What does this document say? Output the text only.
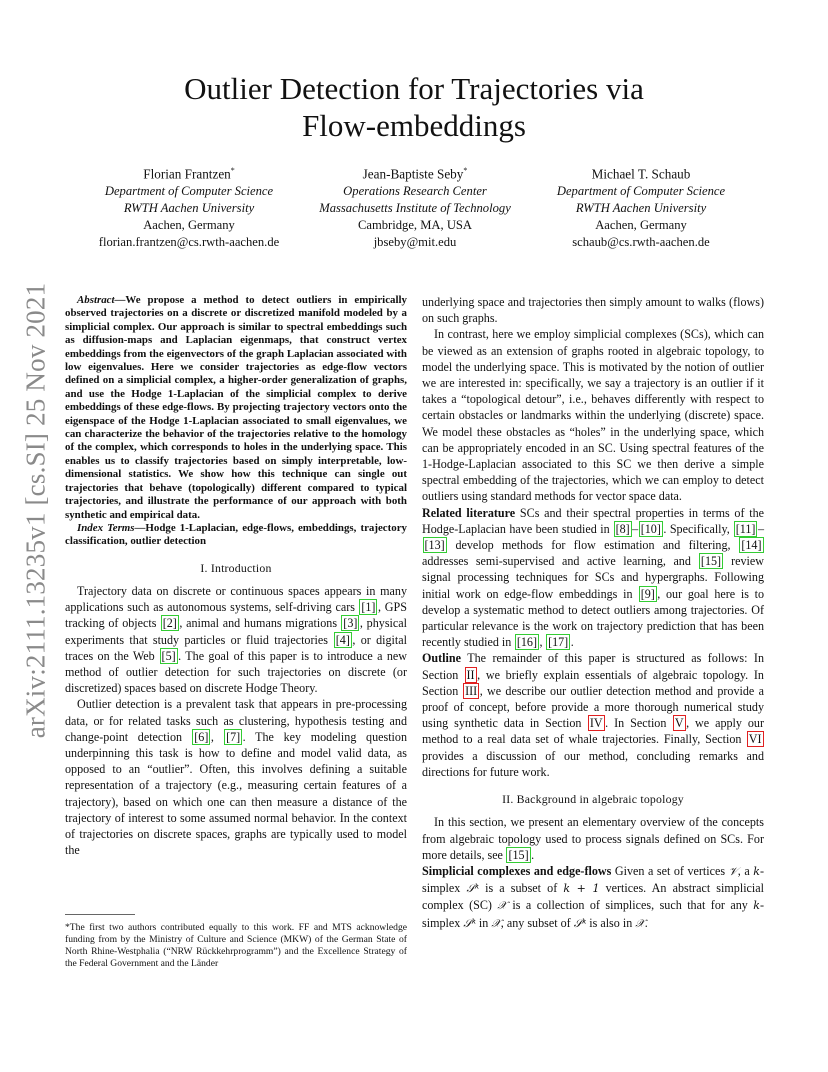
arXiv:2111.13235v1 [cs.SI] 25 Nov 2021
Outlier Detection for Trajectories via
Flow-embeddings
Florian Frantzen*
Department of Computer Science
RWTH Aachen University
Aachen, Germany
florian.frantzen@cs.rwth-aachen.de
Jean-Baptiste Seby*
Operations Research Center
Massachusetts Institute of Technology
Cambridge, MA, USA
jbseby@mit.edu
Michael T. Schaub
Department of Computer Science
RWTH Aachen University
Aachen, Germany
schaub@cs.rwth-aachen.de

Abstract—We propose a method to detect outliers in empirically observed trajectories on a discrete or discretized manifold modeled by a simplicial complex. Our approach is similar to spectral embeddings such as diffusion-maps and Laplacian eigenmaps, that construct vertex embeddings from the eigenvectors of the graph Laplacian associated with low eigenvalues. Here we consider trajectories as edge-flow vectors defined on a simplicial complex, a higher-order generalization of graphs, and use the Hodge 1-Laplacian of the simplicial complex to derive embeddings of these edge-flows. By projecting trajectory vectors onto the eigenspace of the Hodge 1-Laplacian associated to small eigenvalues, we can characterize the behavior of the trajectories relative to the homology of the complex, which corresponds to holes in the underlying space. This enables us to classify trajectories based on simply interpretable, low-dimensional statistics. We show how this technique can single out trajectories that behave (topologically) different compared to typical trajectories, and illustrate the performance of our approach with both synthetic and empirical data.

Index Terms—Hodge 1-Laplacian, edge-flows, embeddings, trajectory classification, outlier detection

I. Introduction

Trajectory data on discrete or continuous spaces appears in many applications such as autonomous systems, self-driving cars [1] , GPS tracking of objects [2] , animal and humans migrations [3] , physical experiments that study particles or fluid trajectories [4] , or digital traces on the Web [5] . The goal of this paper is to introduce a new method of outlier detection for such trajectories on discrete (or discretized) spaces based on discrete Hodge Theory.

Outlier detection is a prevalent task that appears in pre-processing data, or for related tasks such as clustering, hypothesis testing and change-point detection [6] , [7] . The key modeling question underpinning this task is how to define and model valid data, as opposed to an “outlier”. Often, this involves defining a suitable representation of a trajectory (e.g., measuring certain features of a trajectory), based on which one can then measure a distance of the trajectory of interest to some assumed normal behavior. In the context of trajectories on discrete spaces, graphs are typically used to model the

*The first two authors contributed equally to this work. FF and MTS acknowledge funding from by the Ministry of Culture and Science (MKW) of the German State of North Rhine-Westphalia (“NRW Rückkehrprogramm”) and the Excellence Strategy of the Federal Government and the Länder

underlying space and trajectories then simply amount to walks (flows) on such graphs.

In contrast, here we employ simplicial complexes (SCs), which can be viewed as an extension of graphs rooted in algebraic topology, to model the underlying space. This is motivated by the notion of outlier we are interested in: specifically, we say a trajectory is an outlier if it takes a “topological detour”, i.e., behaves differently with respect to certain obstacles or landmarks within the underlying (discrete) space. We model these obstacles as “holes” in the underlying space, which can be appropriately encoded in an SC. Using spectral features of the 1-Hodge-Laplacian associated to this SC we then derive a simple spectral embedding of the trajectories, which we can employ to detect outliers using standard methods for vector space data.

Related literature SCs and their spectral properties in terms of the Hodge-Laplacian have been studied in [8] – [10] . Specifically, [11] –[13] develop methods for flow estimation and filtering, [14] addresses semi-supervised and active learning, and [15] review signal processing techniques for SCs and hypergraphs. Following initial work on edge-flow embeddings in [9] , our goal here is to develop a systematic method to detect outliers among trajectories. Of particular relevance is the work on trajectory prediction that has been recently studied in [16] , [17] .

Outline The remainder of this paper is structured as follows: In Section II , we briefly explain essentials of algebraic topology. In Section III , we describe our outlier detection method and provide a proof of concept, before provide a more thorough numerical study using synthetic data in Section IV . In Section V , we apply our method to a real data set of whale trajectories. Finally, Section VI provides a discussion of our method, concluding remarks and directions for future work.

II. Background in algebraic topology

In this section, we present an elementary overview of the concepts from algebraic topology used to process signals defined on SCs. For more details, see [15] .

Simplicial complexes and edge-flows Given a set of vertices 𝒱, a k-simplex 𝒮ᵏ is a subset of k + 1 vertices. An abstract simplicial complex (SC) 𝒳 is a collection of simplices, such that for any k-simplex 𝒮ᵏ in 𝒳, any subset of 𝒮ᵏ is also in 𝒳.
